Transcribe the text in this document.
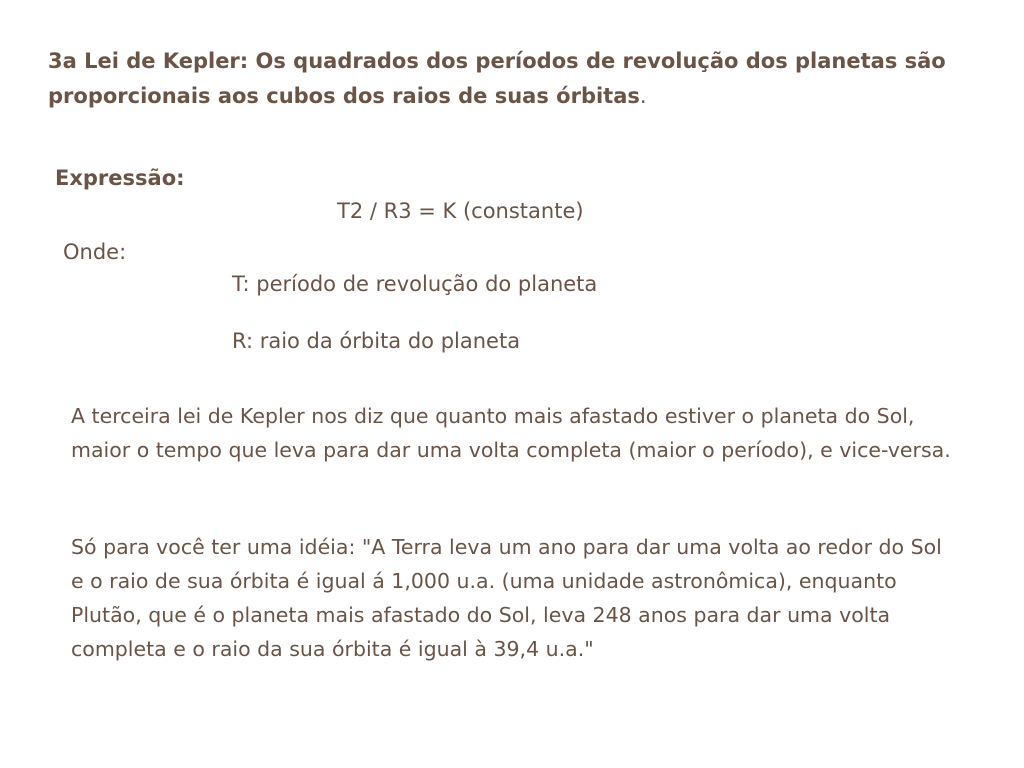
3a Lei de Kepler: Os quadrados dos períodos de revolução dos planetas são proporcionais aos cubos dos raios de suas órbitas.

Expressão:

T2 / R3 = K (constante)

Onde:

T: período de revolução do planeta

R: raio da órbita do planeta

A terceira lei de Kepler nos diz que quanto mais afastado estiver o planeta do Sol, maior o tempo que leva para dar uma volta completa (maior o período), e vice-versa.

Só para você ter uma idéia: "A Terra leva um ano para dar uma volta ao redor do Sol e o raio de sua órbita é igual á 1,000 u.a. (uma unidade astronômica), enquanto Plutão, que é o planeta mais afastado do Sol, leva 248 anos para dar uma volta completa e o raio da sua órbita é igual à 39,4 u.a."
